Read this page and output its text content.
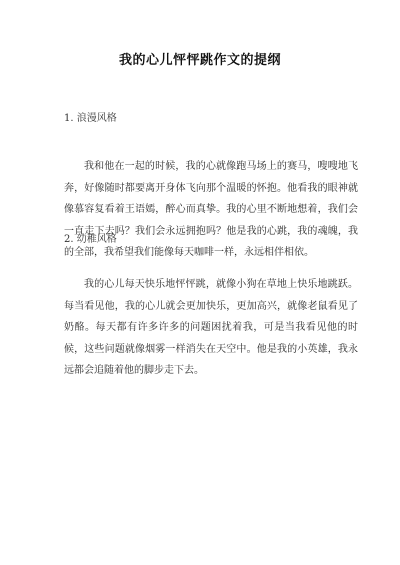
我的心儿怦怦跳作文的提纲
1. 浪漫风格
我和他在一起的时候，我的心就像跑马场上的赛马，嗖嗖地飞奔，好像随时都要离开身体飞向那个温暖的怀抱。他看我的眼神就像慕容复看着王语嫣，醉心而真挚。我的心里不断地想着，我们会一直走下去吗？我们会永远拥抱吗？他是我的心跳，我的魂魄，我的全部，我希望我们能像每天咖啡一样，永远相伴相依。
2. 幼稚风格
我的心儿每天快乐地怦怦跳，就像小狗在草地上快乐地跳跃。每当看见他，我的心儿就会更加快乐，更加高兴，就像老鼠看见了奶酪。每天都有许多许多的问题困扰着我，可是当我看见他的时候，这些问题就像烟雾一样消失在天空中。他是我的小英雄，我永远都会追随着他的脚步走下去。
